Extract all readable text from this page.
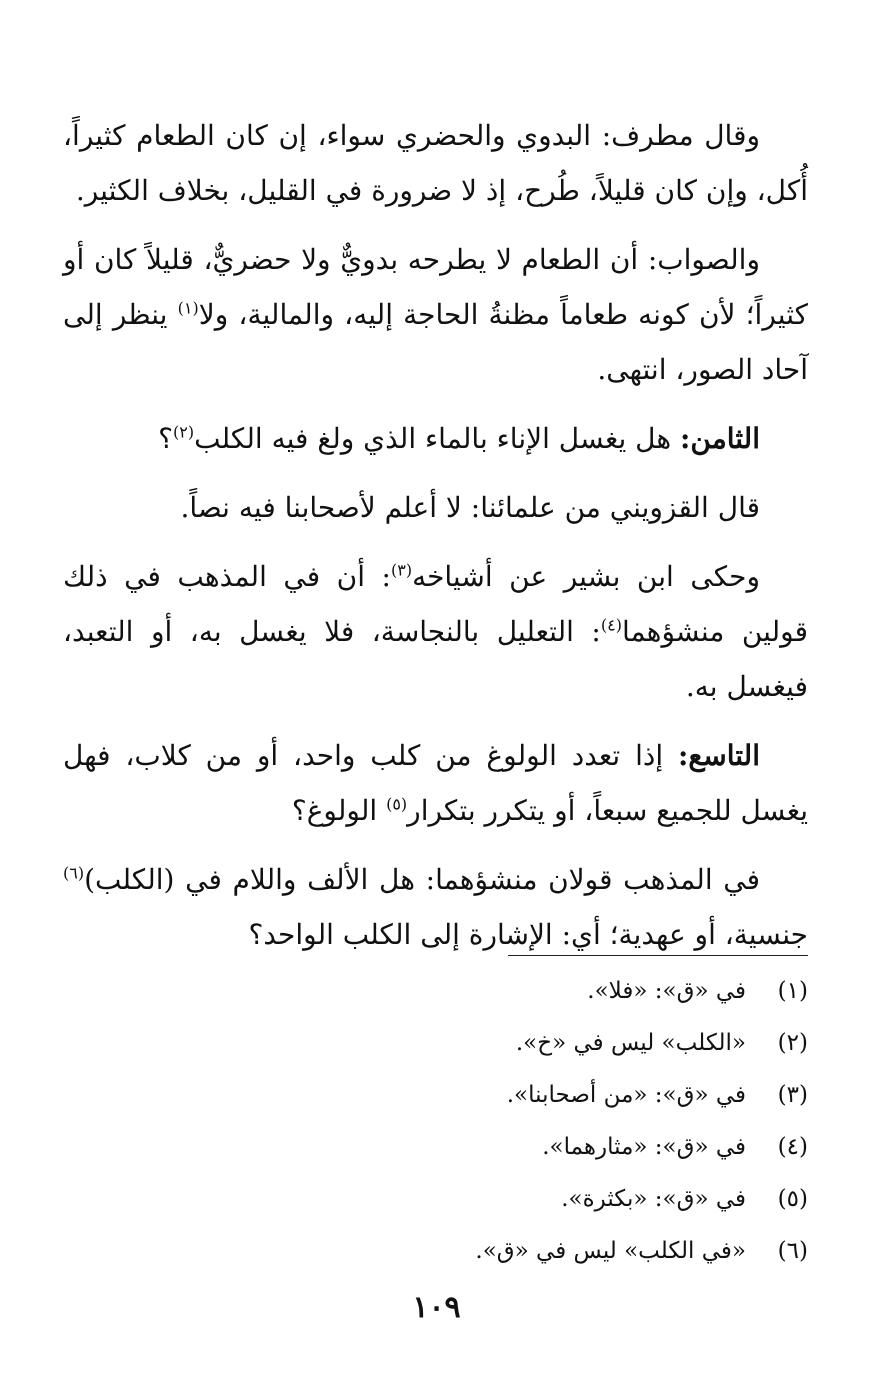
وقال مطرف: البدوي والحضري سواء، إن كان الطعام كثيراً، أُكل، وإن كان قليلاً، طُرح، إذ لا ضرورة في القليل، بخلاف الكثير.

والصواب: أن الطعام لا يطرحه بدويٌّ ولا حضريٌّ، قليلاً كان أو كثيراً؛ لأن كونه طعاماً مظنةُ الحاجة إليه، والمالية، ولا$^{(١)}$ ينظر إلى آحاد الصور، انتهى.

الثامن: هل يغسل الإناء بالماء الذي ولغ فيه الكلب$^{(٢)}$؟

قال القزويني من علمائنا: لا أعلم لأصحابنا فيه نصاً.

وحكى ابن بشير عن أشياخه$^{(٣)}$: أن في المذهب في ذلك قولين منشؤهما$^{(٤)}$: التعليل بالنجاسة، فلا يغسل به، أو التعبد، فيغسل به.

التاسع: إذا تعدد الولوغ من كلب واحد، أو من كلاب، فهل يغسل للجميع سبعاً، أو يتكرر بتكرار$^{(٥)}$ الولوغ؟

في المذهب قولان منشؤهما: هل الألف واللام في (الكلب)$^{(٦)}$ جنسية، أو عهدية؛ أي: الإشارة إلى الكلب الواحد؟

(١)
في «ق»: «فلا».
(٢)
«الكلب» ليس في «خ».
(٣)
في «ق»: «من أصحابنا».
(٤)
في «ق»: «مثارهما».
(٥)
في «ق»: «بكثرة».
(٦)
«في الكلب» ليس في «ق».
١٠٩
